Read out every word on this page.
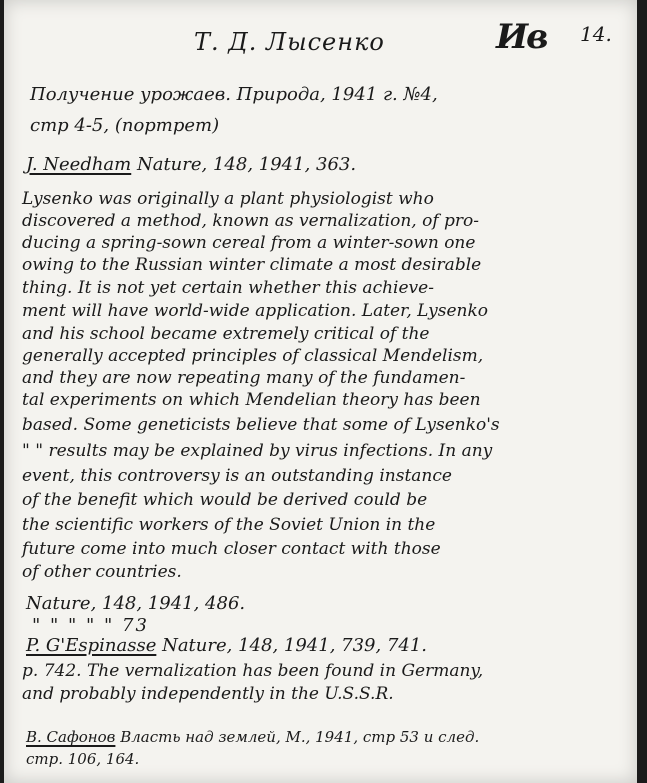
Т. Д. Лысенко	Ив 14.
Получение урожаев. Природа, 1941 г. №4,
стр 4-5, (портрет)
J. Needham Nature, 148, 1941, 363.
Lysenko was originally a plant physiologist who
discovered a method, known as vernalization, of pro-
ducing a spring-sown cereal from a winter-sown one
owing to the Russian winter climate a most desirable
thing. It is not yet certain whether this achieve-
ment will have world-wide application. Later, Lysenko
and his school became extremely critical of the
generally accepted principles of classical Mendelism,
and they are now repeating many of the fundamen-
tal experiments on which Mendelian theory has been
based. Some geneticists believe that some of Lysenko's
" " results may be explained by virus infections. In any
event, this controversy is an outstanding instance
of the benefit which would be derived could be
the scientific workers of the Soviet Union in the
future come into much closer contact with those
of other countries.
Nature, 148, 1941, 486.
" " " " " 73
P. G'Espinasse Nature, 148, 1941, 739, 741.
p. 742. The vernalization has been found in Germany,
and probably independently in the U.S.S.R.
В. Сафонов Власть над землей, М., 1941, стр 53 и след.
стр. 106, 164.
